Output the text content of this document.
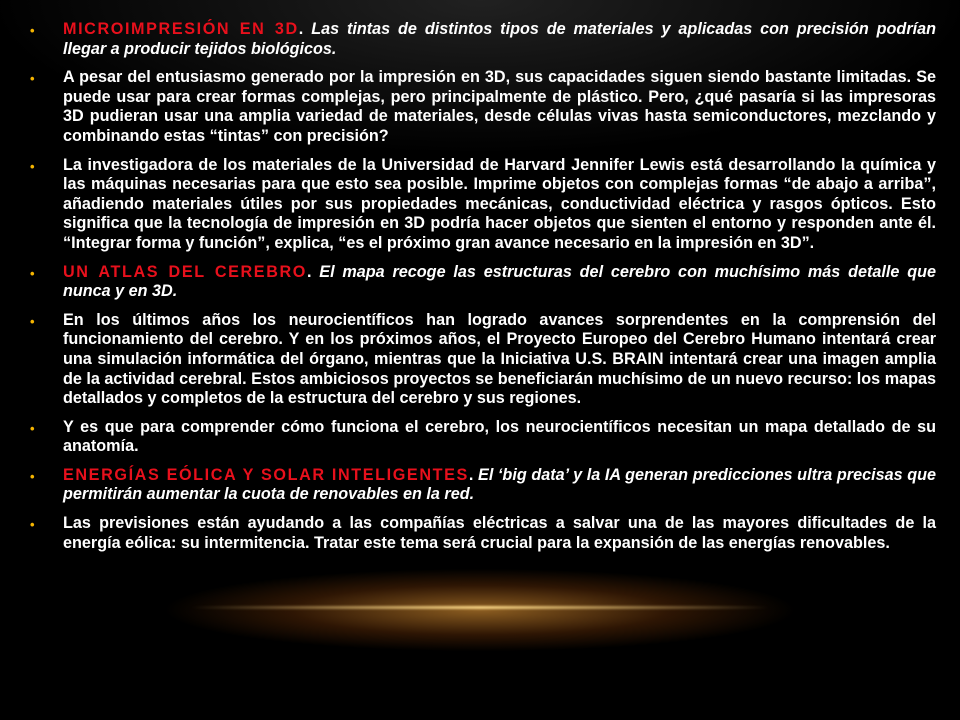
• MICROIMPRESIÓN EN 3D. Las tintas de distintos tipos de materiales y aplicadas con precisión podrían llegar a producir tejidos biológicos.
• A pesar del entusiasmo generado por la impresión en 3D, sus capacidades siguen siendo bastante limitadas. Se puede usar para crear formas complejas, pero principalmente de plástico. Pero, ¿qué pasaría si las impresoras 3D pudieran usar una amplia variedad de materiales, desde células vivas hasta semiconductores, mezclando y combinando estas “tintas” con precisión?
• La investigadora de los materiales de la Universidad de Harvard Jennifer Lewis está desarrollando la química y las máquinas necesarias para que esto sea posible. Imprime objetos con complejas formas “de abajo a arriba”, añadiendo materiales útiles por sus propiedades mecánicas, conductividad eléctrica y rasgos ópticos. Esto significa que la tecnología de impresión en 3D podría hacer objetos que sienten el entorno y responden ante él. “Integrar forma y función”, explica, “es el próximo gran avance necesario en la impresión en 3D”.
• UN ATLAS DEL CEREBRO. El mapa recoge las estructuras del cerebro con muchísimo más detalle que nunca y en 3D.
• En los últimos años los neurocientíficos han logrado avances sorprendentes en la comprensión del funcionamiento del cerebro. Y en los próximos años, el Proyecto Europeo del Cerebro Humano intentará crear una simulación informática del órgano, mientras que la Iniciativa U.S. BRAIN intentará crear una imagen amplia de la actividad cerebral. Estos ambiciosos proyectos se beneficiarán muchísimo de un nuevo recurso: los mapas detallados y completos de la estructura del cerebro y sus regiones.
• Y es que para comprender cómo funciona el cerebro, los neurocientíficos necesitan un mapa detallado de su anatomía.
• ENERGÍAS EÓLICA Y SOLAR INTELIGENTES. El ‘big data’ y la IA generan predicciones ultra precisas que permitirán aumentar la cuota de renovables en la red.
• Las previsiones están ayudando a las compañías eléctricas a salvar una de las mayores dificultades de la energía eólica: su intermitencia. Tratar este tema será crucial para la expansión de las energías renovables.
